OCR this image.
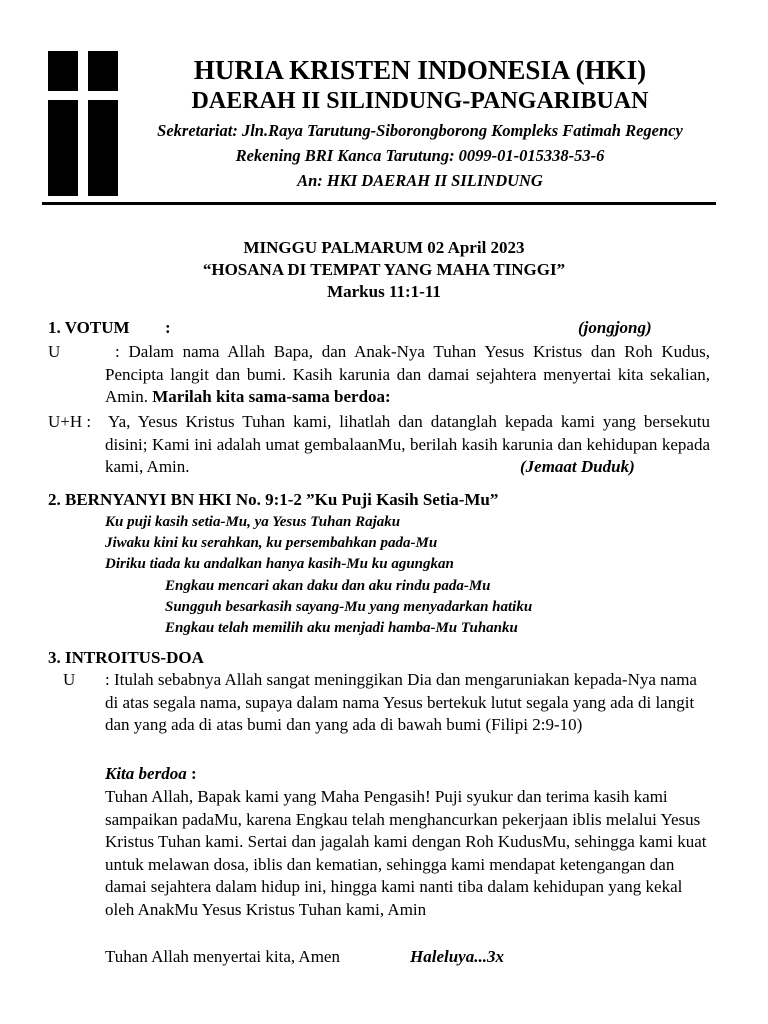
HURIA KRISTEN INDONESIA (HKI)
DAERAH II SILINDUNG-PANGARIBUAN
Sekretariat: Jln.Raya Tarutung-Siborongborong Kompleks Fatimah Regency
Rekening BRI Kanca Tarutung: 0099-01-015338-53-6
An: HKI DAERAH II SILINDUNG
MINGGU PALMARUM 02 April 2023
“HOSANA DI TEMPAT YANG MAHA TINGGI”
Markus 11:1-11
1. VOTUM :	(jongjong)
U	: Dalam nama Allah Bapa, dan Anak-Nya Tuhan Yesus Kristus dan Roh Kudus, Pencipta langit dan bumi. Kasih karunia dan damai sejahtera menyertai kita sekalian, Amin. Marilah kita sama-sama berdoa:
U+H : Ya, Yesus Kristus Tuhan kami, lihatlah dan datanglah kepada kami yang bersekutu disini; Kami ini adalah umat gembalaanMu, berilah kasih karunia dan kehidupan kepada kami, Amin.	(Jemaat Duduk)
2. BERNYANYI BN HKI No. 9:1-2 ”Ku Puji Kasih Setia-Mu”
Ku puji kasih setia-Mu, ya Yesus Tuhan Rajaku
Jiwaku kini ku serahkan, ku persembahkan pada-Mu
Diriku tiada ku andalkan hanya kasih-Mu ku agungkan
Engkau mencari akan daku dan aku rindu pada-Mu
Sungguh besarkasih sayang-Mu yang menyadarkan hatiku
Engkau telah memilih aku menjadi hamba-Mu Tuhanku
3. INTROITUS-DOA
U : Itulah sebabnya Allah sangat meninggikan Dia dan mengaruniakan kepada-Nya nama di atas segala nama, supaya dalam nama Yesus bertekuk lutut segala yang ada di langit dan yang ada di atas bumi dan yang ada di bawah bumi (Filipi 2:9-10)
Kita berdoa :
Tuhan Allah, Bapak kami yang Maha Pengasih! Puji syukur dan terima kasih kami sampaikan padaMu, karena Engkau telah menghancurkan pekerjaan iblis melalui Yesus Kristus Tuhan kami. Sertai dan jagalah kami dengan Roh KudusMu, sehingga kami kuat untuk melawan dosa, iblis dan kematian, sehingga kami mendapat ketengangan dan damai sejahtera dalam hidup ini, hingga kami nanti tiba dalam kehidupan yang kekal oleh AnakMu Yesus Kristus Tuhan kami, Amin
Tuhan Allah menyertai kita, Amen	Haleluya...3x
